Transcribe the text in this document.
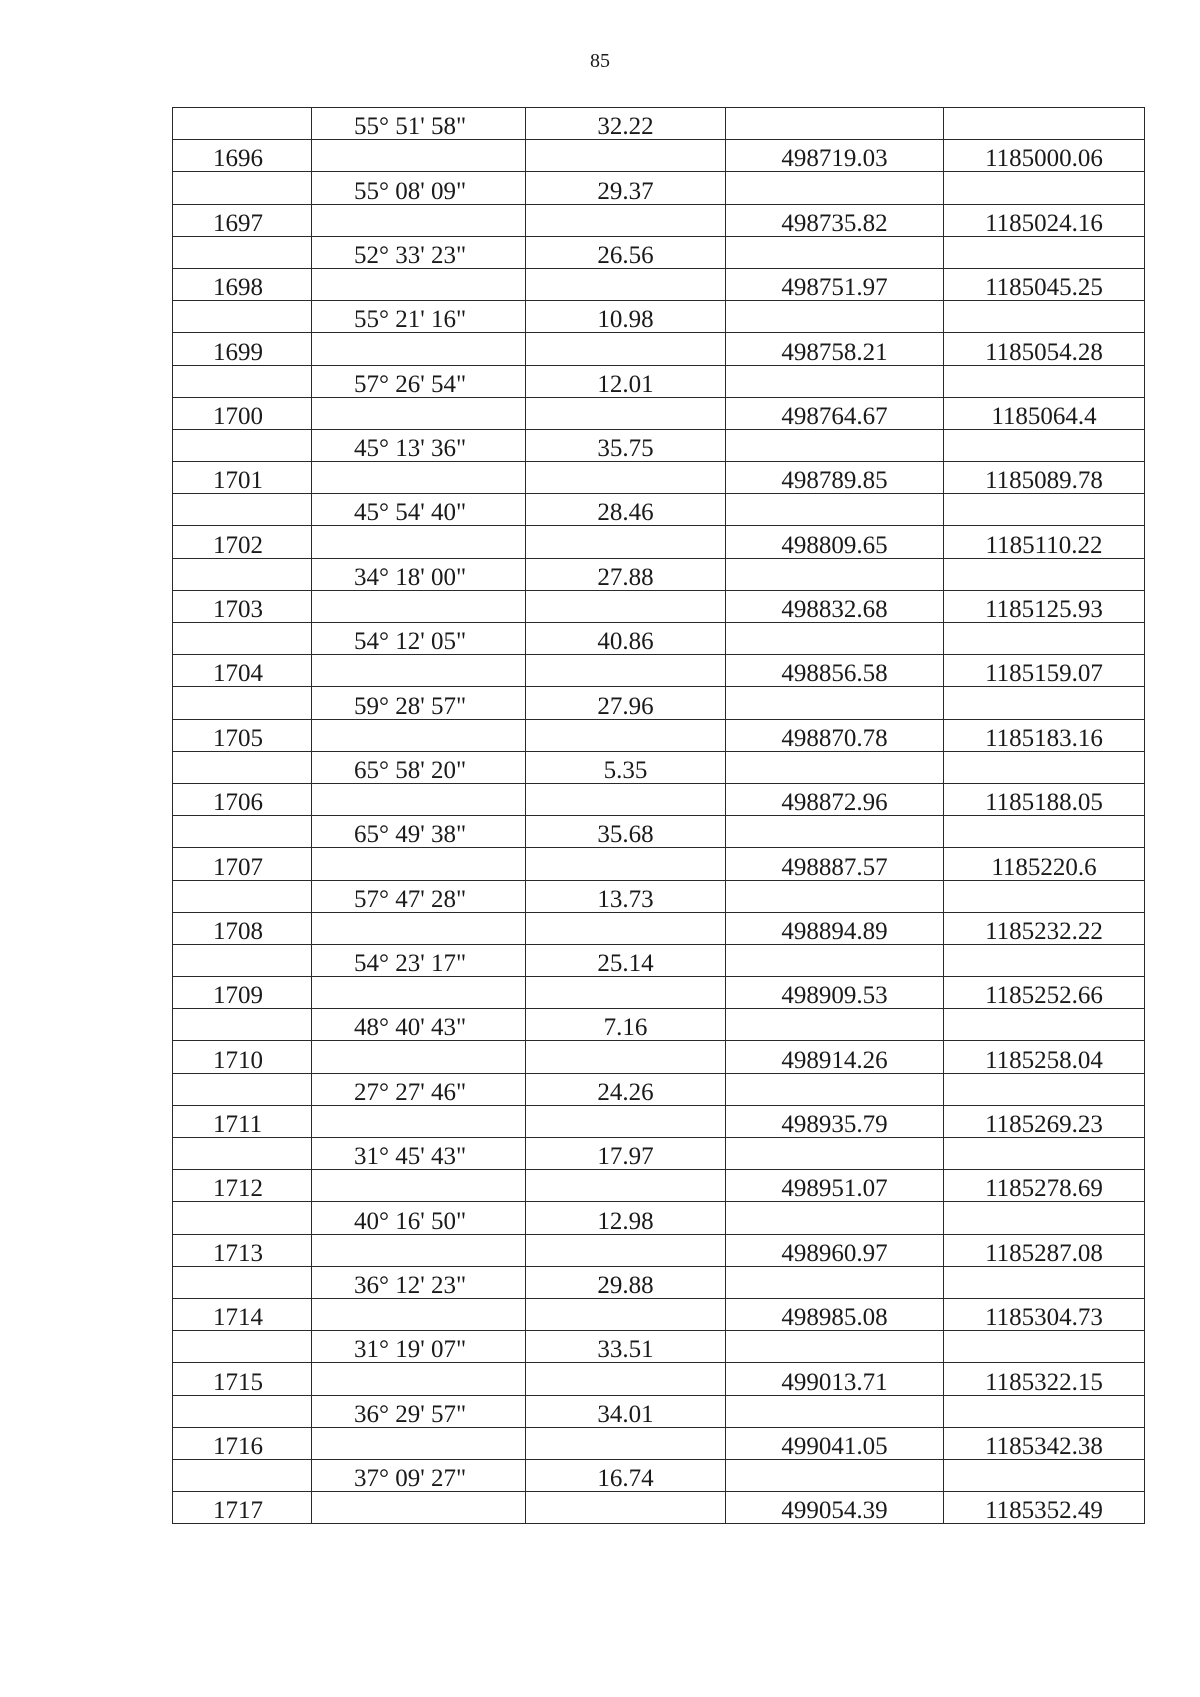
85
	55° 51' 58"	32.22		
1696			498719.03	1185000.06
	55° 08' 09"	29.37		
1697			498735.82	1185024.16
	52° 33' 23"	26.56		
1698			498751.97	1185045.25
	55° 21' 16"	10.98		
1699			498758.21	1185054.28
	57° 26' 54"	12.01		
1700			498764.67	1185064.4
	45° 13' 36"	35.75		
1701			498789.85	1185089.78
	45° 54' 40"	28.46		
1702			498809.65	1185110.22
	34° 18' 00"	27.88		
1703			498832.68	1185125.93
	54° 12' 05"	40.86		
1704			498856.58	1185159.07
	59° 28' 57"	27.96		
1705			498870.78	1185183.16
	65° 58' 20"	5.35		
1706			498872.96	1185188.05
	65° 49' 38"	35.68		
1707			498887.57	1185220.6
	57° 47' 28"	13.73		
1708			498894.89	1185232.22
	54° 23' 17"	25.14		
1709			498909.53	1185252.66
	48° 40' 43"	7.16		
1710			498914.26	1185258.04
	27° 27' 46"	24.26		
1711			498935.79	1185269.23
	31° 45' 43"	17.97		
1712			498951.07	1185278.69
	40° 16' 50"	12.98		
1713			498960.97	1185287.08
	36° 12' 23"	29.88		
1714			498985.08	1185304.73
	31° 19' 07"	33.51		
1715			499013.71	1185322.15
	36° 29' 57"	34.01		
1716			499041.05	1185342.38
	37° 09' 27"	16.74		
1717			499054.39	1185352.49
